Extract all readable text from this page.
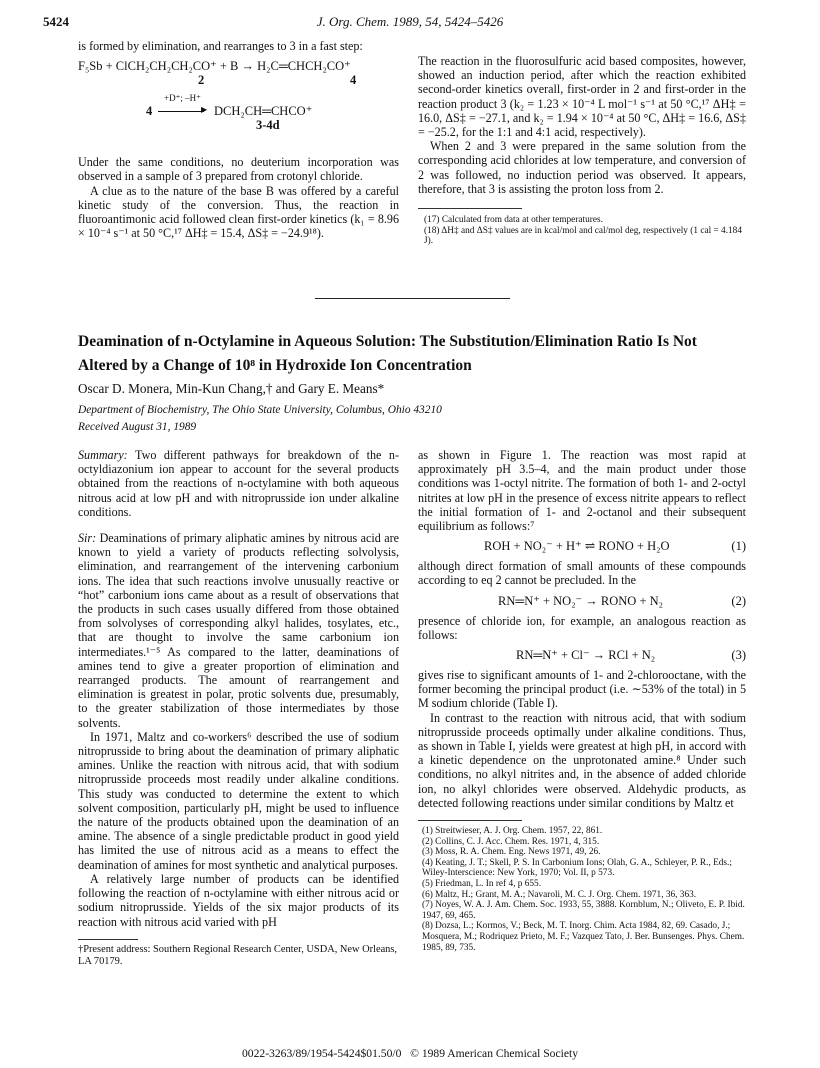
5424	J. Org. Chem. 1989, 54, 5424–5426

is formed by elimination, and rearranges to 3 in a fast step:

F₅Sb + ClCH₂CH₂CH₂CO⁺ + B → H₂C═CHCH₂CO⁺
2	4
4
+D⁺; –H⁺
▶ DCH₂CH═CHCO⁺
3-4d

Under the same conditions, no deuterium incorporation was observed in a sample of 3 prepared from crotonyl chloride.

A clue as to the nature of the base B was offered by a careful kinetic study of the conversion. Thus, the reaction in fluoroantimonic acid followed clean first-order kinetics (k₁ = 8.96 × 10⁻⁴ s⁻¹ at 50 °C,¹⁷ ΔH‡ = 15.4, ΔS‡ = −24.9¹⁸).

The reaction in the fluorosulfuric acid based composites, however, showed an induction period, after which the reaction exhibited second-order kinetics overall, first-order in 2 and first-order in the reaction product 3 (k₂ = 1.23 × 10⁻⁴ L mol⁻¹ s⁻¹ at 50 °C,¹⁷ ΔH‡ = 16.0, ΔS‡ = −27.1, and k₂ = 1.94 × 10⁻⁴ at 50 °C, ΔH‡ = 16.6, ΔS‡ = −25.2, for the 1:1 and 4:1 acid, respectively).

When 2 and 3 were prepared in the same solution from the corresponding acid chlorides at low temperature, and conversion of 2 was followed, no induction period was observed. It appears, therefore, that 3 is assisting the proton loss from 2.

(17) Calculated from data at other temperatures.

(18) ΔH‡ and ΔS‡ values are in kcal/mol and cal/mol deg, respectively (1 cal = 4.184 J).

Deamination of n-Octylamine in Aqueous Solution: The Substitution/Elimination Ratio Is Not Altered by a Change of 10⁸ in Hydroxide Ion Concentration
Oscar D. Monera, Min-Kun Chang,† and Gary E. Means*
Department of Biochemistry, The Ohio State University, Columbus, Ohio 43210
Received August 31, 1989

Summary: Two different pathways for breakdown of the n-octyldiazonium ion appear to account for the several products obtained from the reactions of n-octylamine with both aqueous nitrous acid at low pH and with nitroprusside ion under alkaline conditions.

Sir: Deaminations of primary aliphatic amines by nitrous acid are known to yield a variety of products reflecting solvolysis, elimination, and rearrangement of the intervening carbonium ions. The idea that such reactions involve unusually reactive or “hot” carbonium ions came about as a result of observations that the products in such cases usually differed from those obtained from solvolyses of corresponding alkyl halides, tosylates, etc., that are thought to involve the same carbonium ion intermediates.¹⁻⁵ As compared to the latter, deaminations of amines tend to give a greater proportion of elimination and rearranged products. The amount of rearrangement and elimination is greatest in polar, protic solvents due, presumably, to the greater stabilization of those intermediates by those solvents.

In 1971, Maltz and co-workers⁶ described the use of sodium nitroprusside to bring about the deamination of primary aliphatic amines. Unlike the reaction with nitrous acid, that with sodium nitroprusside proceeds most readily under alkaline conditions. This study was conducted to determine the extent to which solvent composition, particularly pH, might be used to influence the nature of the products obtained upon the deamination of an amine. The absence of a single predictable product in good yield has limited the use of nitrous acid as a means to effect the deamination of amines for most synthetic and analytical purposes.

A relatively large number of products can be identified following the reaction of n-octylamine with either nitrous acid or sodium nitroprusside. Yields of the six major products of its reaction with nitrous acid varied with pH

†Present address: Southern Regional Research Center, USDA, New Orleans, LA 70179.

as shown in Figure 1. The reaction was most rapid at approximately pH 3.5–4, and the main product under those conditions was 1-octyl nitrite. The formation of both 1- and 2-octyl nitrites at low pH in the presence of excess nitrite appears to reflect the initial formation of 1- and 2-octanol and their subsequent equilibrium as follows:⁷

ROH + NO₂⁻ + H⁺ ⇌ RONO + H₂O	(1)

although direct formation of small amounts of these compounds according to eq 2 cannot be precluded. In the

RN═N⁺ + NO₂⁻ → RONO + N₂	(2)

presence of chloride ion, for example, an analogous reaction as follows:

RN═N⁺ + Cl⁻ → RCl + N₂	(3)

gives rise to significant amounts of 1- and 2-chlorooctane, with the former becoming the principal product (i.e. ∼53% of the total) in 5 M sodium chloride (Table I).

In contrast to the reaction with nitrous acid, that with sodium nitroprusside proceeds optimally under alkaline conditions. Thus, as shown in Table I, yields were greatest at high pH, in accord with a kinetic dependence on the unprotonated amine.⁸ Under such conditions, no alkyl nitrites and, in the absence of added chloride ion, no alkyl chlorides were observed. Aldehydic products, as detected following reactions under similar conditions by Maltz et

(1) Streitwieser, A. J. Org. Chem. 1957, 22, 861.

(2) Collins, C. J. Acc. Chem. Res. 1971, 4, 315.

(3) Moss, R. A. Chem. Eng. News 1971, 49, 26.

(4) Keating, J. T.; Skell, P. S. In Carbonium Ions; Olah, G. A., Schleyer, P. R., Eds.; Wiley-Interscience: New York, 1970; Vol. II, p 573.

(5) Friedman, L. In ref 4, p 655.

(6) Maltz, H.; Grant, M. A.; Navaroli, M. C. J. Org. Chem. 1971, 36, 363.

(7) Noyes, W. A. J. Am. Chem. Soc. 1933, 55, 3888. Kornblum, N.; Oliveto, E. P. Ibid. 1947, 69, 465.

(8) Dozsa, L.; Kormos, V.; Beck, M. T. Inorg. Chim. Acta 1984, 82, 69. Casado, J.; Mosquera, M.; Rodriquez Prieto, M. F.; Vazquez Tato, J. Ber. Bunsenges. Phys. Chem. 1985, 89, 735.

0022-3263/89/1954-5424$01.50/0 © 1989 American Chemical Society
